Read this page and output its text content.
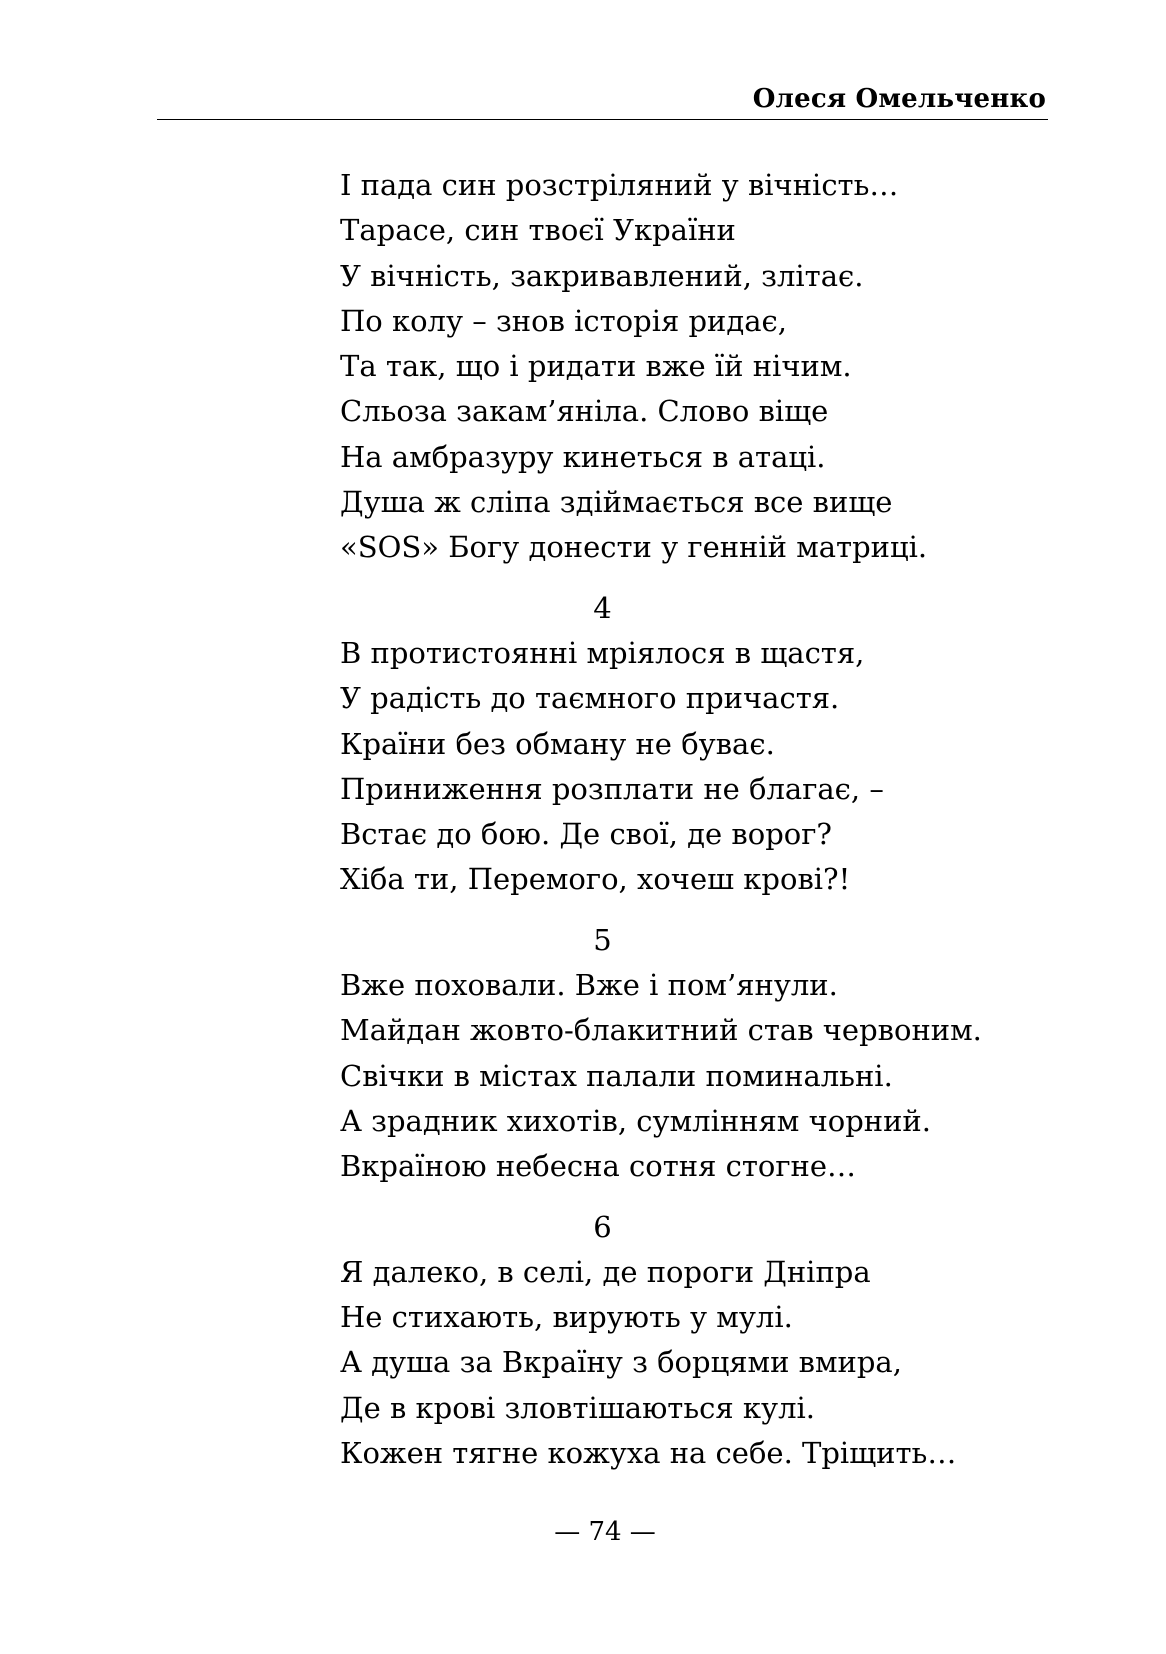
Олеся Омельченко

І пада син розстріляний у вічність…

Тарасе, син твоєї України

У вічність, закривавлений, злітає.

По колу – знов історія ридає,

Та так, що і ридати вже їй нічим.

Сльоза закам’яніла. Слово віще

На амбразуру кинеться в атаці.

Душа ж сліпа здіймається все вище

«SOS» Богу донести у генній матриці.

4

В протистоянні мріялося в щастя,

У радість до таємного причастя.

Країни без обману не буває.

Приниження розплати не благає, –

Встає до бою. Де свої, де ворог?

Хіба ти, Перемого, хочеш крові?!

5

Вже поховали. Вже і пом’янули.

Майдан жовто-блакитний став червоним.

Свічки в містах палали поминальні.

А зрадник хихотів, сумлінням чорний.

Вкраїною небесна сотня стогне…

6

Я далеко, в селі, де пороги Дніпра

Не стихають, вирують у мулі.

А душа за Вкраїну з борцями вмира,

Де в крові зловтішаються кулі.

Кожен тягне кожуха на себе. Тріщить…

— 74 —
